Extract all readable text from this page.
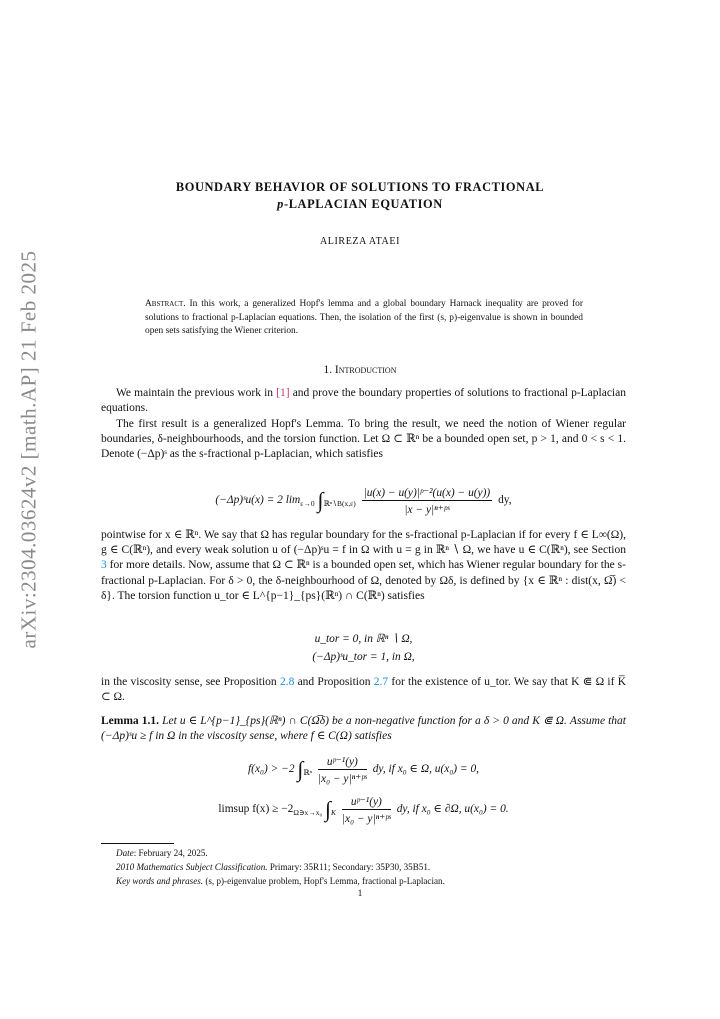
arXiv:2304.03624v2 [math.AP] 21 Feb 2025
BOUNDARY BEHAVIOR OF SOLUTIONS TO FRACTIONAL
p-LAPLACIAN EQUATION
ALIREZA ATAEI
Abstract. In this work, a generalized Hopf's lemma and a global boundary Harnack inequality are proved for solutions to fractional p-Laplacian equations. Then, the isolation of the first (s, p)-eigenvalue is shown in bounded open sets satisfying the Wiener criterion.
1. Introduction

We maintain the previous work in [1] and prove the boundary properties of solutions to fractional p-Laplacian equations.

The first result is a generalized Hopf's Lemma. To bring the result, we need the notion of Wiener regular boundaries, δ-neighbourhoods, and the torsion function. Let Ω ⊂ ℝⁿ be a bounded open set, p > 1, and 0 < s < 1. Denote (−Δp)ˢ as the s-fractional p-Laplacian, which satisfies

(−Δp)ˢu(x) = 2 $\lim_{\varepsilon\to 0} \int_{ℝ^n∖B(x,\varepsilon)} \frac{\text{|u(x) − u(y)|ᵖ⁻²(u(x) − u(y))}}{\text{|x − y|ⁿ⁺ᵖˢ}}$ dy,

pointwise for x ∈ ℝⁿ. We say that Ω has regular boundary for the s-fractional p-Laplacian if for every f ∈ L∞(Ω), g ∈ C(ℝⁿ), and every weak solution u of (−Δp)ˢu = f in Ω with u = g in ℝⁿ ∖ Ω, we have u ∈ C(ℝⁿ), see Section 3 for more details. Now, assume that Ω ⊂ ℝⁿ is a bounded open set, which has Wiener regular boundary for the s-fractional p-Laplacian. For δ > 0, the δ-neighbourhood of Ω, denoted by Ωδ, is defined by {x ∈ ℝⁿ : dist(x, Ω̅) < δ}. The torsion function u_tor ∈ L^{p−1}_{ps}(ℝⁿ) ∩ C(ℝⁿ) satisfies

u_tor = 0, in ℝⁿ ∖ Ω,
(−Δp)ˢu_tor = 1, in Ω,

in the viscosity sense, see Proposition 2.8 and Proposition 2.7 for the existence of u_tor. We say that K ⋐ Ω if K̅ ⊂ Ω.

Lemma 1.1. Let u ∈ L^{p−1}_{ps}(ℝⁿ) ∩ C(Ω̅δ) be a non-negative function for a δ > 0 and K ⋐ Ω. Assume that (−Δp)ˢu ≥ f in Ω in the viscosity sense, where f ∈ C(Ω) satisfies

f(x₀) > −2 $\int_{ℝ^n} \frac{\text{uᵖ⁻¹(y)}}{\text{|x₀ − y|ⁿ⁺ᵖˢ}}$ dy, if x₀ ∈ Ω, u(x₀) = 0,
limsup $f(x) \ge -2_{\Omega∋x\to x_0}$ $\int_K \frac{\text{uᵖ⁻¹(y)}}{\text{|x₀ − y|ⁿ⁺ᵖˢ}}$ dy, if x₀ ∈ ∂Ω, u(x₀) = 0.
Date: February 24, 2025.
2010 Mathematics Subject Classification. Primary: 35R11; Secondary: 35P30, 35B51.
Key words and phrases. (s, p)-eigenvalue problem, Hopf's Lemma, fractional p-Laplacian.
1
